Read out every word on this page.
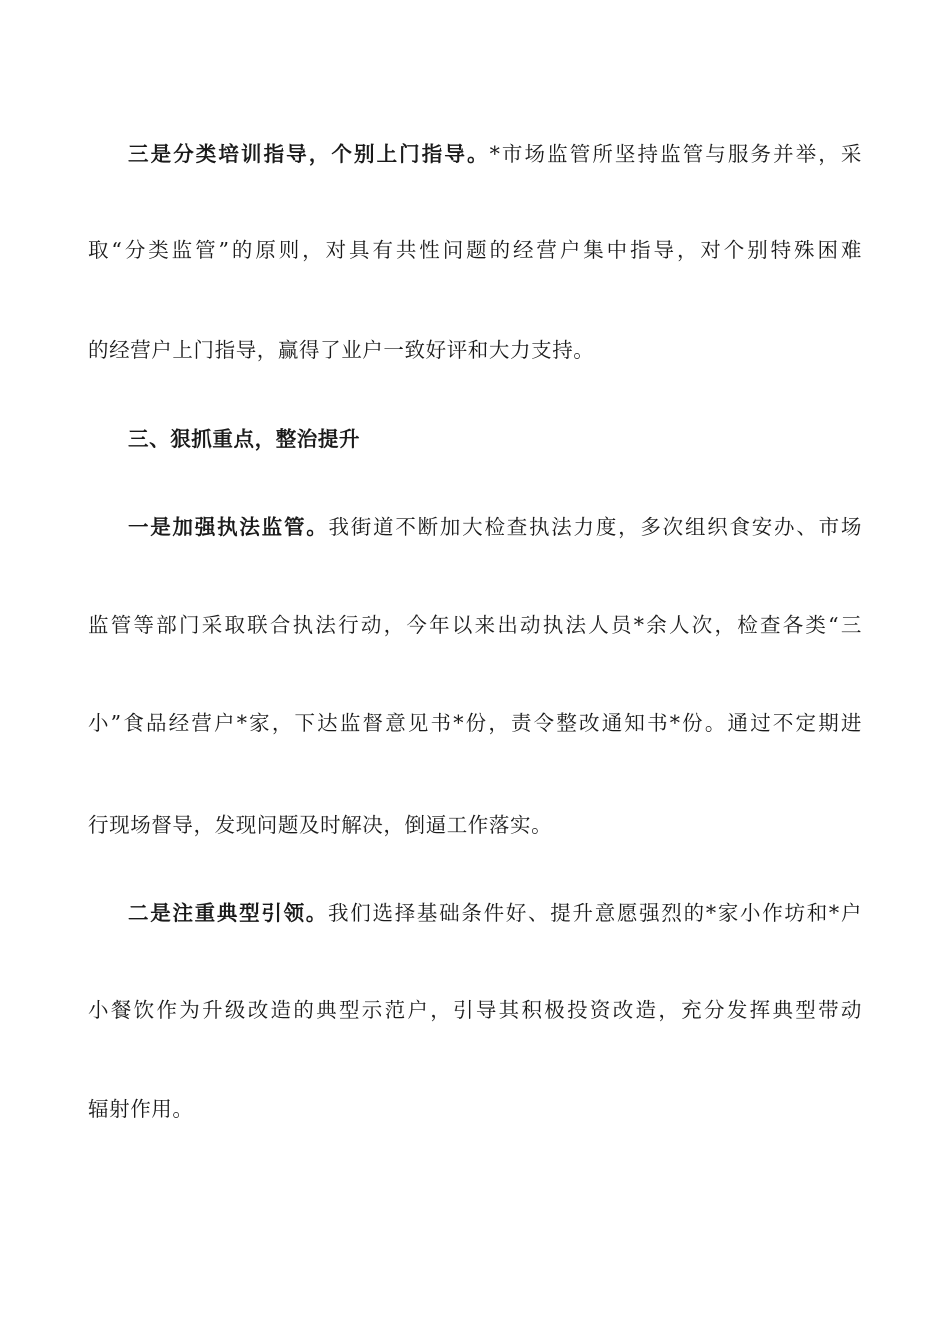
三是分类培训指导，个别上门指导。*市场监管所坚持监管与服务并举，采
取“分类监管”的原则，对具有共性问题的经营户集中指导，对个别特殊困难
的经营户上门指导，赢得了业户一致好评和大力支持。
三、狠抓重点，整治提升
一是加强执法监管。我街道不断加大检查执法力度，多次组织食安办、市场
监管等部门采取联合执法行动，今年以来出动执法人员*余人次，检查各类“三
小”食品经营户*家，下达监督意见书*份，责令整改通知书*份。通过不定期进
行现场督导，发现问题及时解决，倒逼工作落实。
二是注重典型引领。我们选择基础条件好、提升意愿强烈的*家小作坊和*户
小餐饮作为升级改造的典型示范户，引导其积极投资改造，充分发挥典型带动
辐射作用。
